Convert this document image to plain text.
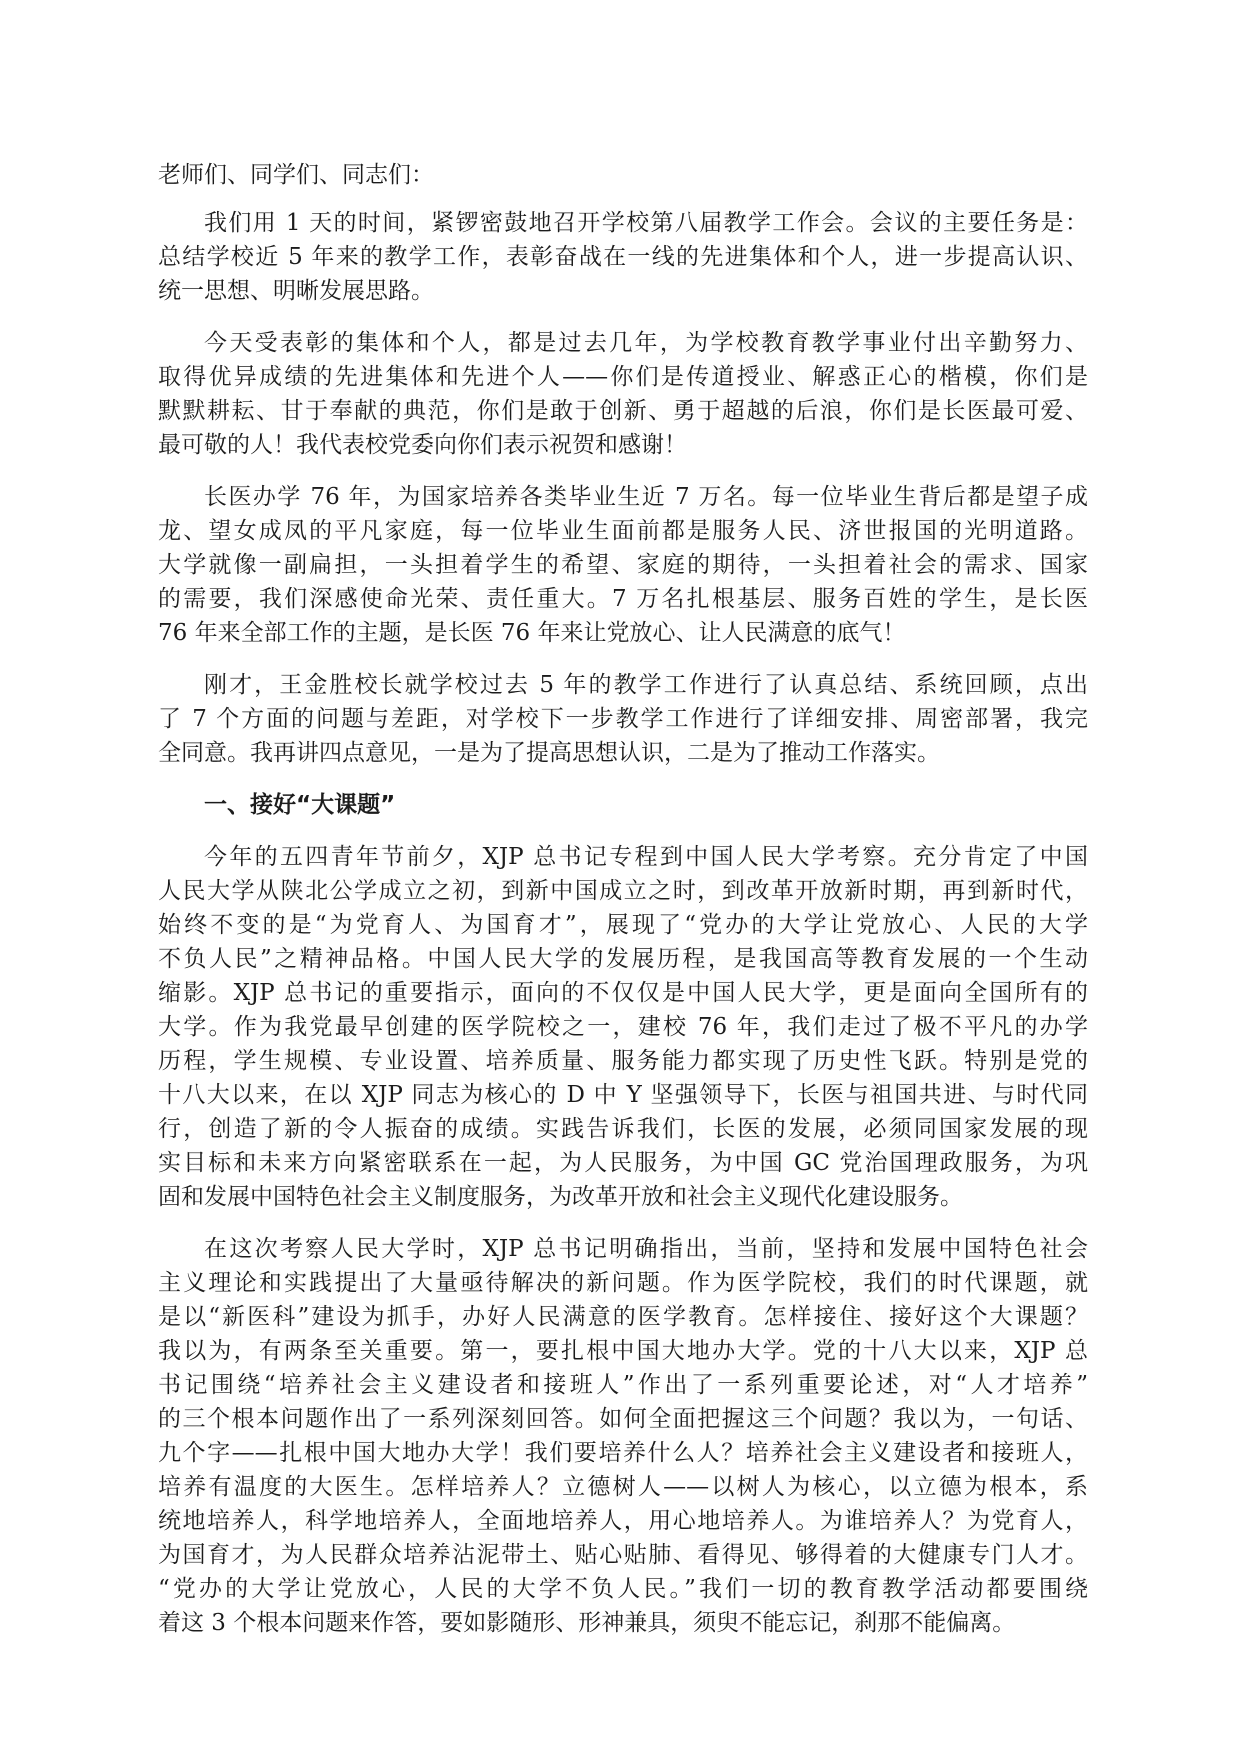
老师们、同学们、同志们：
我们用 1 天的时间，紧锣密鼓地召开学校第八届教学工作会。会议的主要任务是：
总结学校近 5 年来的教学工作，表彰奋战在一线的先进集体和个人，进一步提高认识、
统一思想、明晰发展思路。
今天受表彰的集体和个人，都是过去几年，为学校教育教学事业付出辛勤努力、
取得优异成绩的先进集体和先进个人——你们是传道授业、解惑正心的楷模，你们是
默默耕耘、甘于奉献的典范，你们是敢于创新、勇于超越的后浪，你们是长医最可爱、
最可敬的人！我代表校党委向你们表示祝贺和感谢！
长医办学 76 年，为国家培养各类毕业生近 7 万名。每一位毕业生背后都是望子成
龙、望女成凤的平凡家庭，每一位毕业生面前都是服务人民、济世报国的光明道路。
大学就像一副扁担，一头担着学生的希望、家庭的期待，一头担着社会的需求、国家
的需要，我们深感使命光荣、责任重大。7 万名扎根基层、服务百姓的学生，是长医
76 年来全部工作的主题，是长医 76 年来让党放心、让人民满意的底气！
刚才，王金胜校长就学校过去 5 年的教学工作进行了认真总结、系统回顾，点出
了 7 个方面的问题与差距，对学校下一步教学工作进行了详细安排、周密部署，我完
全同意。我再讲四点意见，一是为了提高思想认识，二是为了推动工作落实。
一、接好“大课题”
今年的五四青年节前夕，XJP 总书记专程到中国人民大学考察。充分肯定了中国
人民大学从陕北公学成立之初，到新中国成立之时，到改革开放新时期，再到新时代，
始终不变的是“为党育人、为国育才”，展现了“党办的大学让党放心、人民的大学
不负人民”之精神品格。中国人民大学的发展历程，是我国高等教育发展的一个生动
缩影。XJP 总书记的重要指示，面向的不仅仅是中国人民大学，更是面向全国所有的
大学。作为我党最早创建的医学院校之一，建校 76 年，我们走过了极不平凡的办学
历程，学生规模、专业设置、培养质量、服务能力都实现了历史性飞跃。特别是党的
十八大以来，在以 XJP 同志为核心的 D 中 Y 坚强领导下，长医与祖国共进、与时代同
行，创造了新的令人振奋的成绩。实践告诉我们，长医的发展，必须同国家发展的现
实目标和未来方向紧密联系在一起，为人民服务，为中国 GC 党治国理政服务，为巩
固和发展中国特色社会主义制度服务，为改革开放和社会主义现代化建设服务。
在这次考察人民大学时，XJP 总书记明确指出，当前，坚持和发展中国特色社会
主义理论和实践提出了大量亟待解决的新问题。作为医学院校，我们的时代课题，就
是以“新医科”建设为抓手，办好人民满意的医学教育。怎样接住、接好这个大课题？
我以为，有两条至关重要。第一，要扎根中国大地办大学。党的十八大以来，XJP 总
书记围绕“培养社会主义建设者和接班人”作出了一系列重要论述，对“人才培养”
的三个根本问题作出了一系列深刻回答。如何全面把握这三个问题？我以为，一句话、
九个字——扎根中国大地办大学！我们要培养什么人？培养社会主义建设者和接班人，
培养有温度的大医生。怎样培养人？立德树人——以树人为核心，以立德为根本，系
统地培养人，科学地培养人，全面地培养人，用心地培养人。为谁培养人？为党育人，
为国育才，为人民群众培养沾泥带土、贴心贴肺、看得见、够得着的大健康专门人才。
“党办的大学让党放心，人民的大学不负人民。”我们一切的教育教学活动都要围绕
着这 3 个根本问题来作答，要如影随形、形神兼具，须臾不能忘记，刹那不能偏离。
